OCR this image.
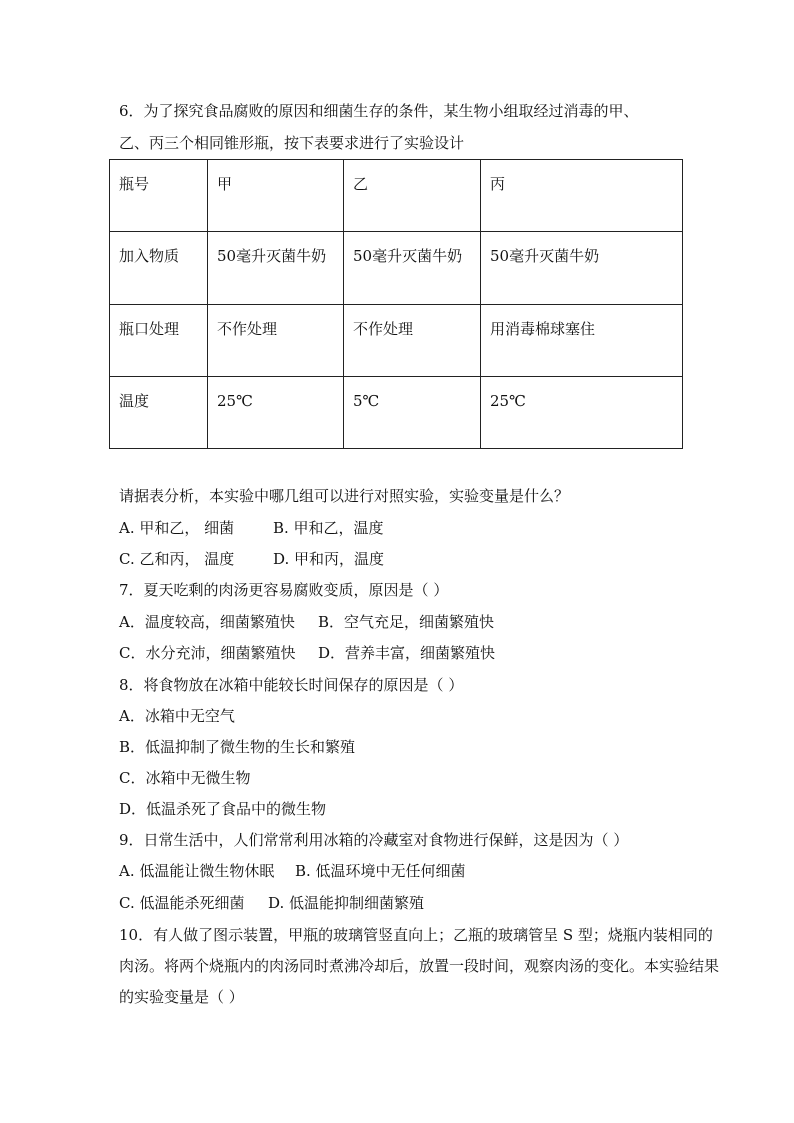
6．为了探究食品腐败的原因和细菌生存的条件，某生物小组取经过消毒的甲、
乙、丙三个相同锥形瓶，按下表要求进行了实验设计
瓶号	甲	乙	丙
加入物质	50毫升灭菌牛奶	50毫升灭菌牛奶	50毫升灭菌牛奶
瓶口处理	不作处理	不作处理	用消毒棉球塞住
温度	25℃	5℃	25℃
请据表分析，本实验中哪几组可以进行对照实验，实验变量是什么？
A. 甲和乙， 细菌	B. 甲和乙，温度
C. 乙和丙， 温度	D. 甲和丙，温度
7．夏天吃剩的肉汤更容易腐败变质，原因是（ ）
A．温度较高，细菌繁殖快 B．空气充足，细菌繁殖快
C．水分充沛，细菌繁殖快 D．营养丰富，细菌繁殖快
8．将食物放在冰箱中能较长时间保存的原因是（ ）
A．冰箱中无空气
B．低温抑制了微生物的生长和繁殖
C．冰箱中无微生物
D．低温杀死了食品中的微生物
9．日常生活中，人们常常利用冰箱的冷藏室对食物进行保鲜，这是因为（ ）
A. 低温能让微生物休眠 B. 低温环境中无任何细菌
C. 低温能杀死细菌 D. 低温能抑制细菌繁殖
10．有人做了图示装置，甲瓶的玻璃管竖直向上；乙瓶的玻璃管呈 S 型；烧瓶内装相同的
肉汤。将两个烧瓶内的肉汤同时煮沸冷却后，放置一段时间，观察肉汤的变化。本实验结果
的实验变量是（ ）
